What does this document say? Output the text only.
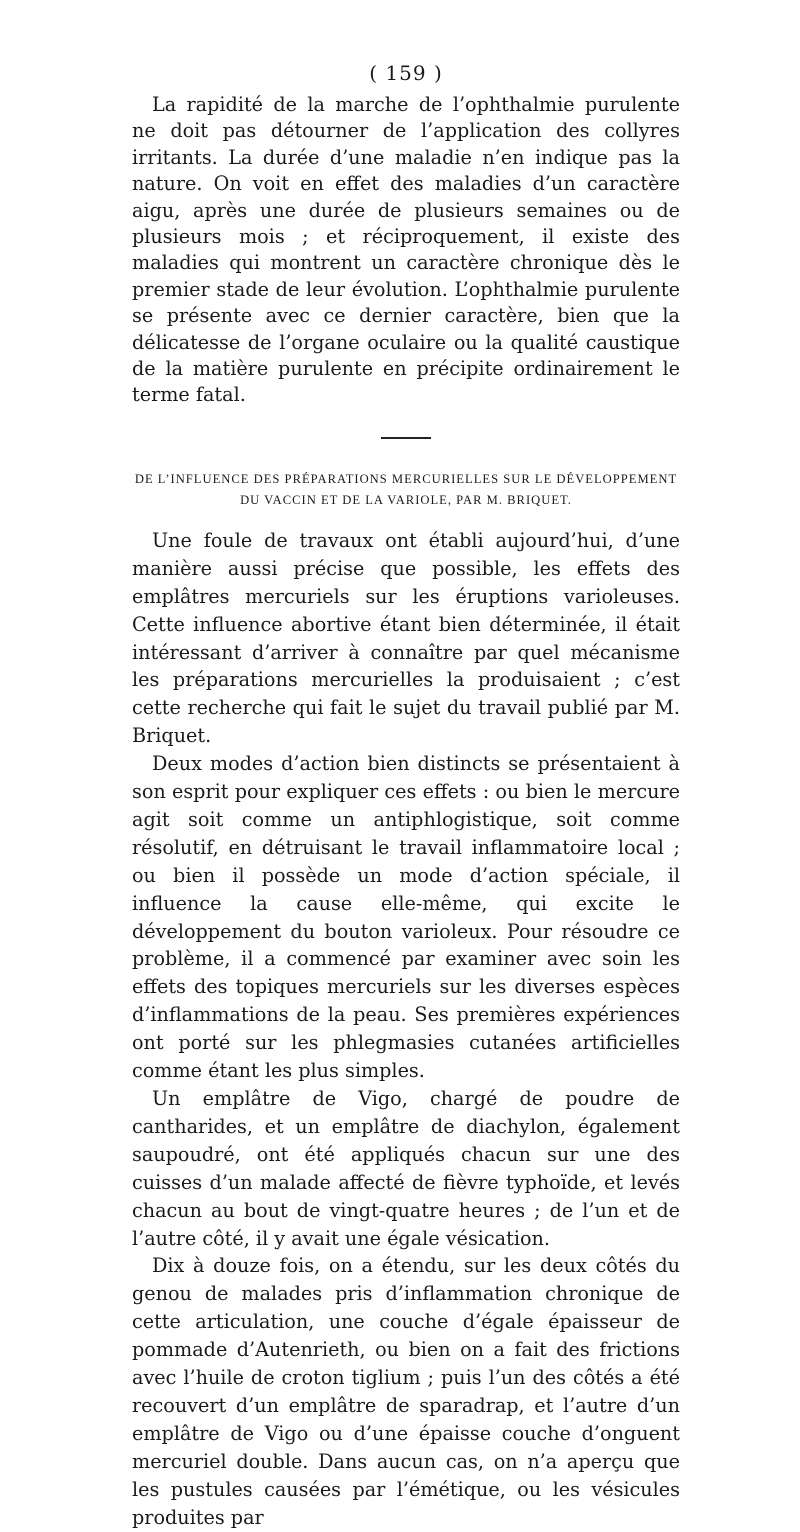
( 159 )

La rapidité de la marche de l’ophthalmie purulente ne doit pas détourner de l’application des collyres irritants. La durée d’une maladie n’en indique pas la nature. On voit en effet des maladies d’un caractère aigu, après une durée de plusieurs semaines ou de plusieurs mois ; et réciproquement, il existe des maladies qui montrent un caractère chronique dès le premier stade de leur évolution. L’ophthalmie purulente se présente avec ce dernier caractère, bien que la délicatesse de l’organe oculaire ou la qualité caustique de la matière purulente en précipite ordinairement le terme fatal.

DE L’INFLUENCE DES PRÉPARATIONS MERCURIELLES SUR LE DÉVELOPPEMENT DU VACCIN ET DE LA VARIOLE, PAR M. BRIQUET.

Une foule de travaux ont établi aujourd’hui, d’une manière aussi précise que possible, les effets des emplâtres mercuriels sur les éruptions varioleuses. Cette influence abortive étant bien déterminée, il était intéressant d’arriver à connaître par quel mécanisme les préparations mercurielles la produisaient ; c’est cette recherche qui fait le sujet du travail publié par M. Briquet.

Deux modes d’action bien distincts se présentaient à son esprit pour expliquer ces effets : ou bien le mercure agit soit comme un antiphlogistique, soit comme résolutif, en détruisant le travail inflammatoire local ; ou bien il possède un mode d’action spéciale, il influence la cause elle-même, qui excite le développement du bouton varioleux. Pour résoudre ce problème, il a commencé par examiner avec soin les effets des topiques mercuriels sur les diverses espèces d’inflammations de la peau. Ses premières expériences ont porté sur les phlegmasies cutanées artificielles comme étant les plus simples.

Un emplâtre de Vigo, chargé de poudre de cantharides, et un emplâtre de diachylon, également saupoudré, ont été appliqués chacun sur une des cuisses d’un malade affecté de fièvre typhoïde, et levés chacun au bout de vingt-quatre heures ; de l’un et de l’autre côté, il y avait une égale vésication.

Dix à douze fois, on a étendu, sur les deux côtés du genou de malades pris d’inflammation chronique de cette articulation, une couche d’égale épaisseur de pommade d’Autenrieth, ou bien on a fait des frictions avec l’huile de croton tiglium ; puis l’un des côtés a été recouvert d’un emplâtre de sparadrap, et l’autre d’un emplâtre de Vigo ou d’une épaisse couche d’onguent mercuriel double. Dans aucun cas, on n’a aperçu que les pustules causées par l’émétique, ou les vésicules produites par
